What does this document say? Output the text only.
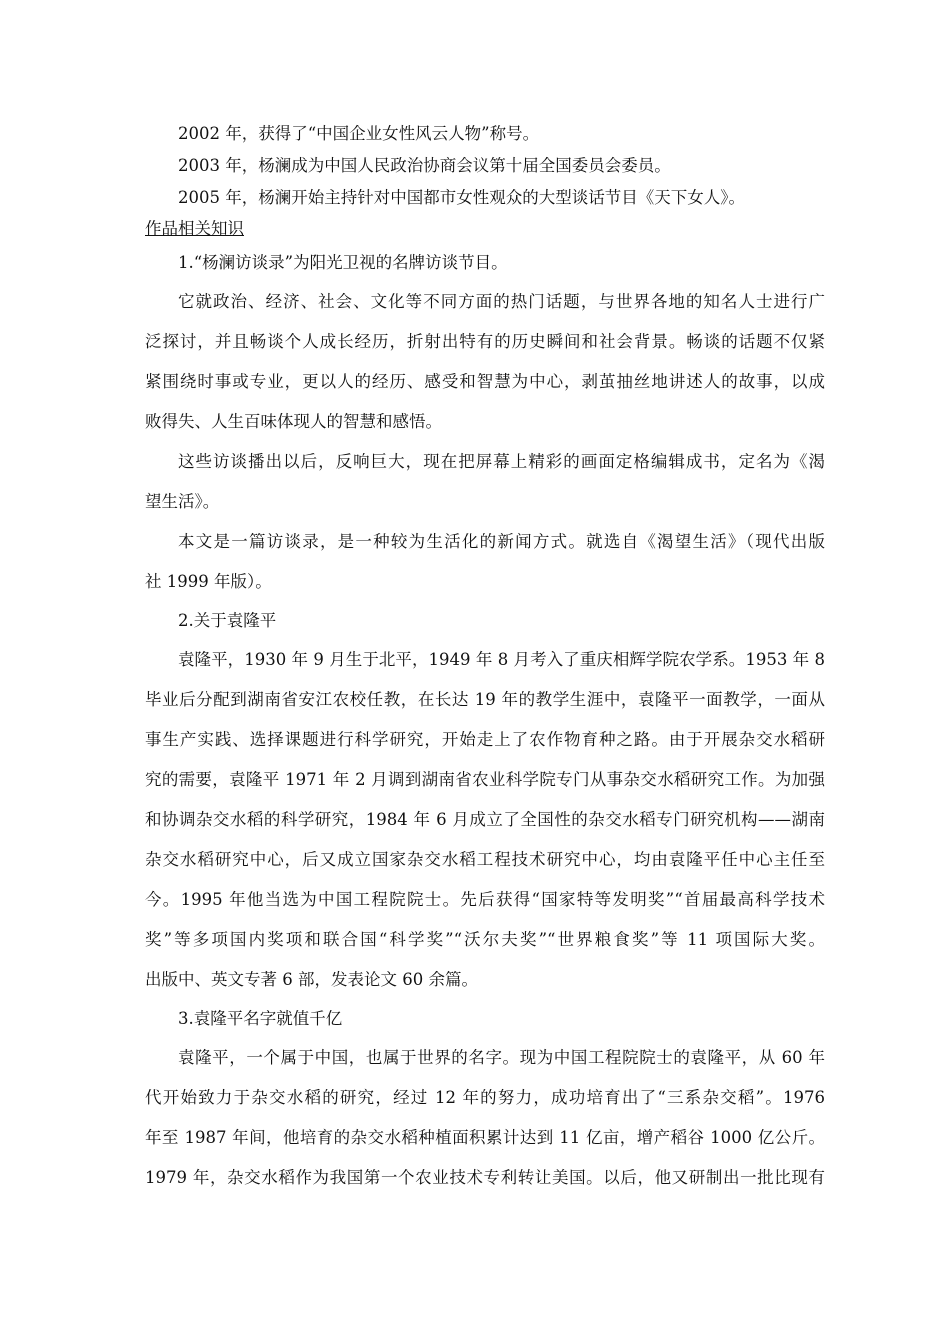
2002 年，获得了“中国企业女性风云人物”称号。
2003 年，杨澜成为中国人民政治协商会议第十届全国委员会委员。
2005 年，杨澜开始主持针对中国都市女性观众的大型谈话节目《天下女人》。
作品相关知识
1.“杨澜访谈录”为阳光卫视的名牌访谈节目。
它就政治、经济、社会、文化等不同方面的热门话题，与世界各地的知名人士进行广
泛探讨，并且畅谈个人成长经历，折射出特有的历史瞬间和社会背景。畅谈的话题不仅紧
紧围绕时事或专业，更以人的经历、感受和智慧为中心，剥茧抽丝地讲述人的故事，以成
败得失、人生百味体现人的智慧和感悟。
这些访谈播出以后，反响巨大，现在把屏幕上精彩的画面定格编辑成书，定名为《渴
望生活》。
本文是一篇访谈录，是一种较为生活化的新闻方式。就选自《渴望生活》（现代出版
社 1999 年版）。
2.关于袁隆平
袁隆平，1930 年 9 月生于北平，1949 年 8 月考入了重庆相辉学院农学系。1953 年 8
毕业后分配到湖南省安江农校任教，在长达 19 年的教学生涯中，袁隆平一面教学，一面从
事生产实践、选择课题进行科学研究，开始走上了农作物育种之路。由于开展杂交水稻研
究的需要，袁隆平 1971 年 2 月调到湖南省农业科学院专门从事杂交水稻研究工作。为加强
和协调杂交水稻的科学研究，1984 年 6 月成立了全国性的杂交水稻专门研究机构——湖南
杂交水稻研究中心，后又成立国家杂交水稻工程技术研究中心，均由袁隆平任中心主任至
今。1995 年他当选为中国工程院院士。先后获得“国家特等发明奖”“首届最高科学技术
奖”等多项国内奖项和联合国“科学奖”“沃尔夫奖”“世界粮食奖”等 11 项国际大奖。
出版中、英文专著 6 部，发表论文 60 余篇。
3.袁隆平名字就值千亿
袁隆平，一个属于中国，也属于世界的名字。现为中国工程院院士的袁隆平，从 60 年
代开始致力于杂交水稻的研究，经过 12 年的努力，成功培育出了“三系杂交稻”。1976
年至 1987 年间，他培育的杂交水稻种植面积累计达到 11 亿亩，增产稻谷 1000 亿公斤。
1979 年，杂交水稻作为我国第一个农业技术专利转让美国。以后，他又研制出一批比现有
